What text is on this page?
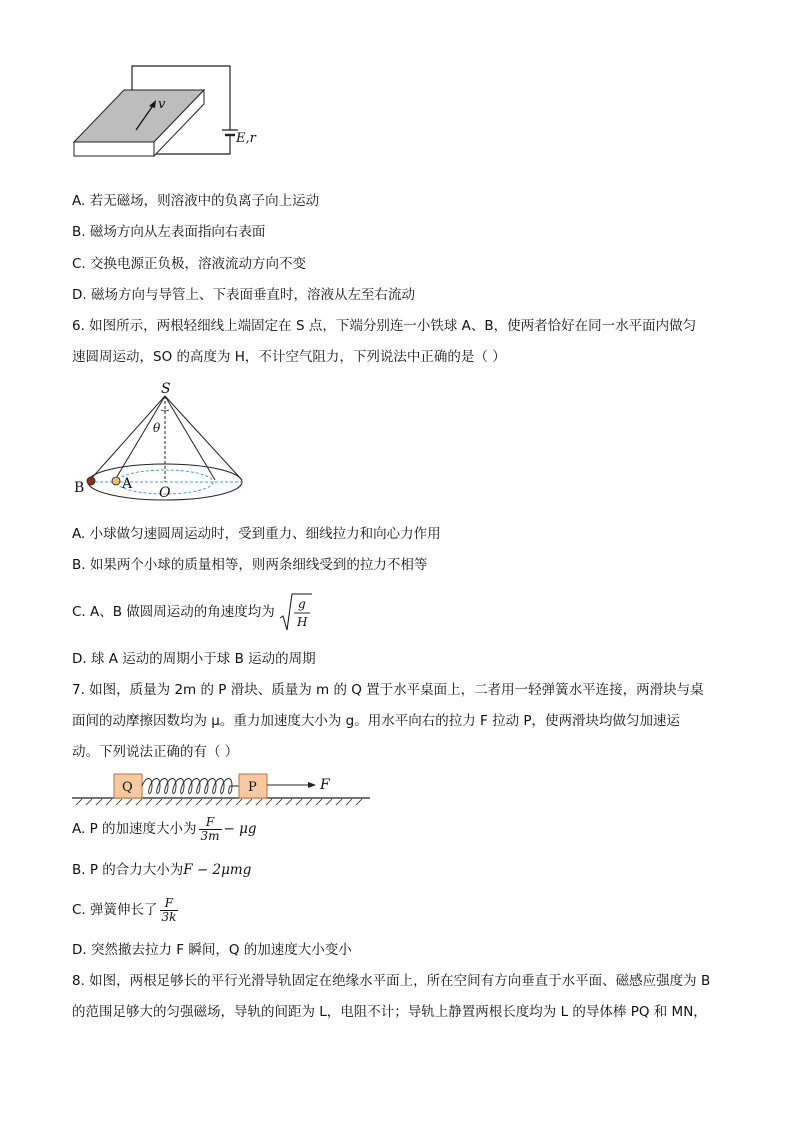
v
E,r
A. 若无磁场，则溶液中的负离子向上运动
B. 磁场方向从左表面指向右表面
C. 交换电源正负极，溶液流动方向不变
D. 磁场方向与导管上、下表面垂直时，溶液从左至右流动
6. 如图所示，两根轻细线上端固定在 S 点，下端分别连一小铁球 A、B，使两者恰好在同一水平面内做匀
速圆周运动，SO 的高度为 H，不计空气阻力，下列说法中正确的是（ ）
S
θ
B	A
O
A. 小球做匀速圆周运动时，受到重力、细线拉力和向心力作用
B. 如果两个小球的质量相等，则两条细线受到的拉力不相等
C. A、B 做圆周运动的角速度均为 g
H
D. 球 A 运动的周期小于球 B 运动的周期
7. 如图，质量为 2m 的 P 滑块、质量为 m 的 Q 置于水平桌面上，二者用一轻弹簧水平连接，两滑块与桌
面间的动摩擦因数均为 μ。重力加速度大小为 g。用水平向右的拉力 F 拉动 P，使两滑块均做匀加速运
动。下列说法正确的有（ ）
Q	P	F
A. P 的加速度大小为 $\frac{F}{3m} - \mu g$
B. P 的合力大小为F − 2μmg
C. 弹簧伸长了 $\frac{F}{3k}$
D. 突然撤去拉力 F 瞬间，Q 的加速度大小变小
8. 如图，两根足够长的平行光滑导轨固定在绝缘水平面上，所在空间有方向垂直于水平面、磁感应强度为 B
的范围足够大的匀强磁场，导轨的间距为 L，电阻不计；导轨上静置两根长度均为 L 的导体棒 PQ 和 MN，
